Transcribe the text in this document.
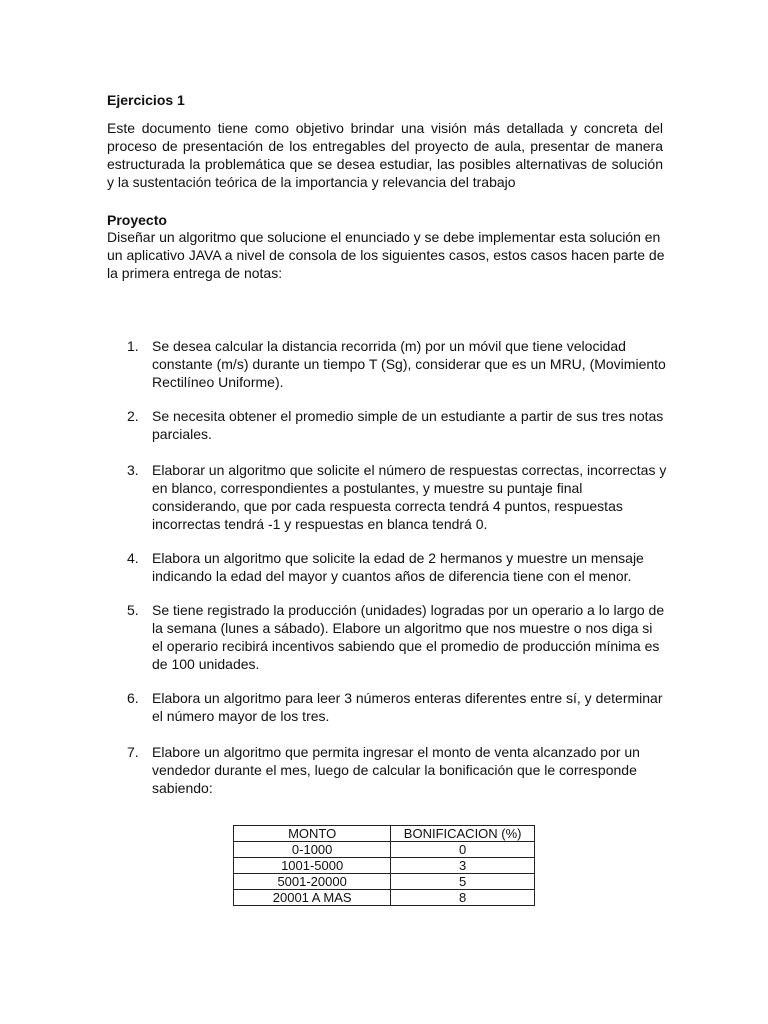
Ejercicios 1
Este documento tiene como objetivo brindar una visión más detallada y concreta del proceso de presentación de los entregables del proyecto de aula, presentar de manera estructurada la problemática que se desea estudiar, las posibles alternativas de solución y la sustentación teórica de la importancia y relevancia del trabajo
Proyecto
Diseñar un algoritmo que solucione el enunciado y se debe implementar esta solución en un aplicativo JAVA a nivel de consola de los siguientes casos, estos casos hacen parte de la primera entrega de notas:
1. Se desea calcular la distancia recorrida (m) por un móvil que tiene velocidad constante (m/s) durante un tiempo T (Sg), considerar que es un MRU, (Movimiento Rectilíneo Uniforme).
2. Se necesita obtener el promedio simple de un estudiante a partir de sus tres notas parciales.
3. Elaborar un algoritmo que solicite el número de respuestas correctas, incorrectas y en blanco, correspondientes a postulantes, y muestre su puntaje final considerando, que por cada respuesta correcta tendrá 4 puntos, respuestas incorrectas tendrá -1 y respuestas en blanca tendrá 0.
4. Elabora un algoritmo que solicite la edad de 2 hermanos y muestre un mensaje indicando la edad del mayor y cuantos años de diferencia tiene con el menor.
5. Se tiene registrado la producción (unidades) logradas por un operario a lo largo de la semana (lunes a sábado). Elabore un algoritmo que nos muestre o nos diga si el operario recibirá incentivos sabiendo que el promedio de producción mínima es de 100 unidades.
6. Elabora un algoritmo para leer 3 números enteras diferentes entre sí, y determinar el número mayor de los tres.
7. Elabore un algoritmo que permita ingresar el monto de venta alcanzado por un vendedor durante el mes, luego de calcular la bonificación que le corresponde sabiendo:
MONTO	BONIFICACION (%)
0-1000	0
1001-5000	3
5001-20000	5
20001 A MAS	8
